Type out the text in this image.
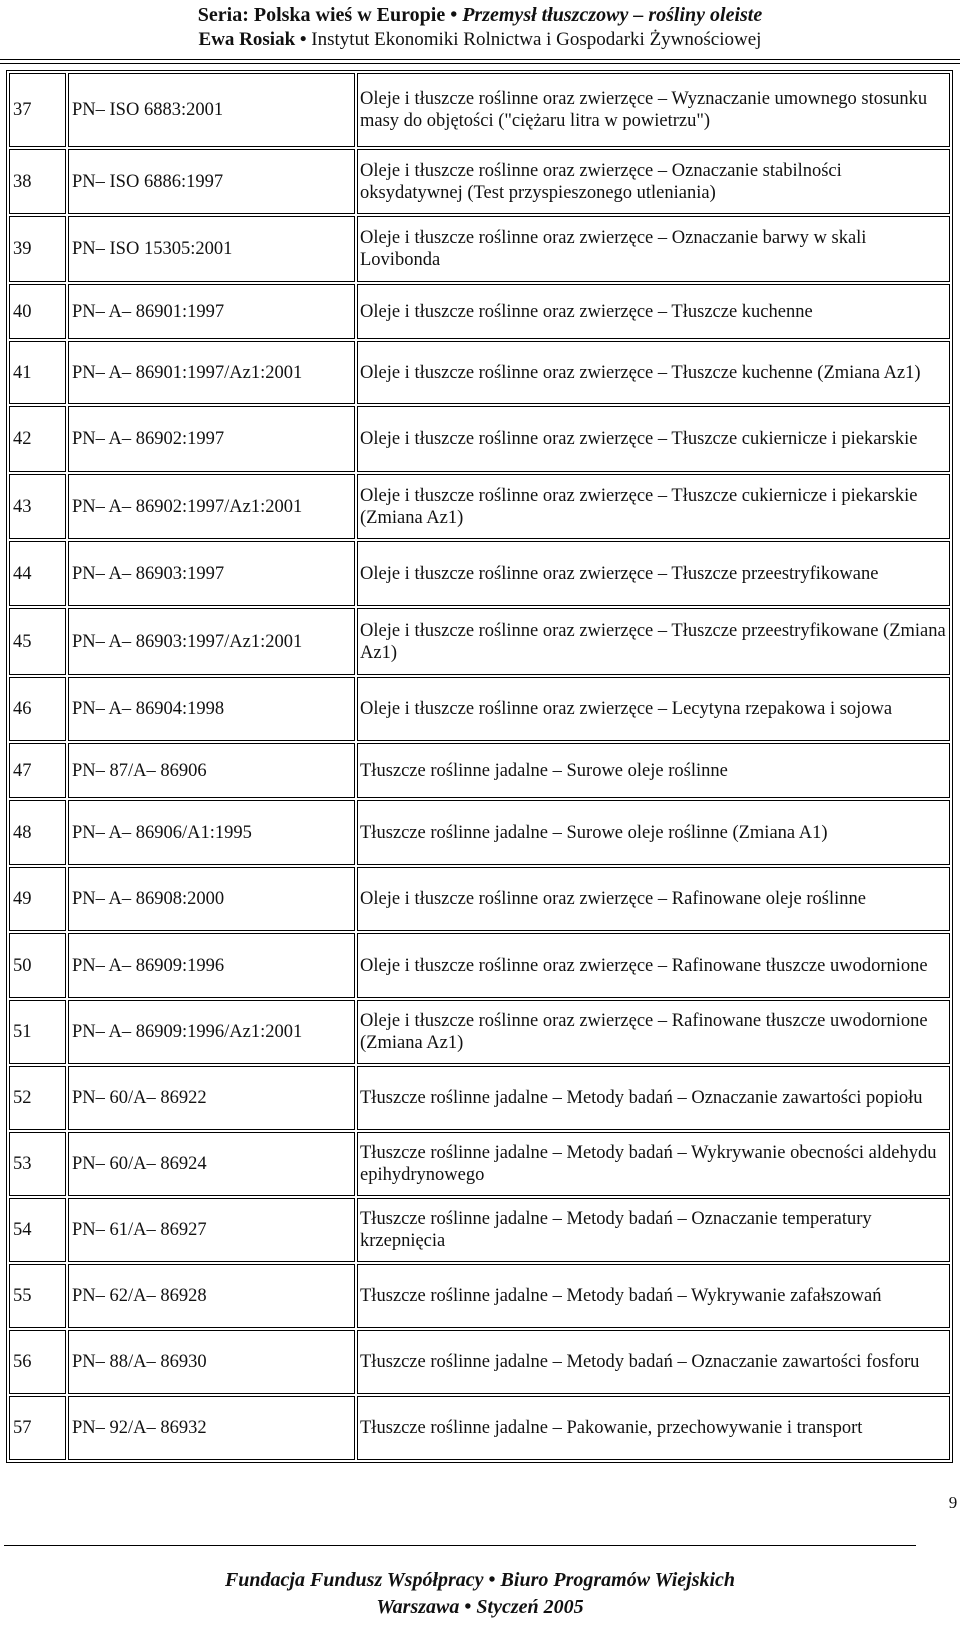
Seria: Polska wieś w Europie • Przemysł tłuszczowy – rośliny oleiste
Ewa Rosiak • Instytut Ekonomiki Rolnictwa i Gospodarki Żywnościowej
37	PN– ISO 6883:2001	Oleje i tłuszcze roślinne oraz zwierzęce – Wyznaczanie umownego stosunku masy do objętości ("ciężaru litra w powietrzu")
38	PN– ISO 6886:1997	Oleje i tłuszcze roślinne oraz zwierzęce – Oznaczanie stabilności oksydatywnej (Test przyspieszonego utleniania)
39	PN– ISO 15305:2001	Oleje i tłuszcze roślinne oraz zwierzęce – Oznaczanie barwy w skali Lovibonda
40	PN– A– 86901:1997	Oleje i tłuszcze roślinne oraz zwierzęce – Tłuszcze kuchenne
41	PN– A– 86901:1997/Az1:2001	Oleje i tłuszcze roślinne oraz zwierzęce – Tłuszcze kuchenne (Zmiana Az1)
42	PN– A– 86902:1997	Oleje i tłuszcze roślinne oraz zwierzęce – Tłuszcze cukiernicze i piekarskie
43	PN– A– 86902:1997/Az1:2001	Oleje i tłuszcze roślinne oraz zwierzęce – Tłuszcze cukiernicze i piekarskie (Zmiana Az1)
44	PN– A– 86903:1997	Oleje i tłuszcze roślinne oraz zwierzęce – Tłuszcze przeestryfikowane
45	PN– A– 86903:1997/Az1:2001	Oleje i tłuszcze roślinne oraz zwierzęce – Tłuszcze przeestryfikowane (Zmiana Az1)
46	PN– A– 86904:1998	Oleje i tłuszcze roślinne oraz zwierzęce – Lecytyna rzepakowa i sojowa
47	PN– 87/A– 86906	Tłuszcze roślinne jadalne – Surowe oleje roślinne
48	PN– A– 86906/A1:1995	Tłuszcze roślinne jadalne – Surowe oleje roślinne (Zmiana A1)
49	PN– A– 86908:2000	Oleje i tłuszcze roślinne oraz zwierzęce – Rafinowane oleje roślinne
50	PN– A– 86909:1996	Oleje i tłuszcze roślinne oraz zwierzęce – Rafinowane tłuszcze uwodornione
51	PN– A– 86909:1996/Az1:2001	Oleje i tłuszcze roślinne oraz zwierzęce – Rafinowane tłuszcze uwodornione (Zmiana Az1)
52	PN– 60/A– 86922	Tłuszcze roślinne jadalne – Metody badań – Oznaczanie zawartości popiołu
53	PN– 60/A– 86924	Tłuszcze roślinne jadalne – Metody badań – Wykrywanie obecności aldehydu epihydrynowego
54	PN– 61/A– 86927	Tłuszcze roślinne jadalne – Metody badań – Oznaczanie temperatury krzepnięcia
55	PN– 62/A– 86928	Tłuszcze roślinne jadalne – Metody badań – Wykrywanie zafałszowań
56	PN– 88/A– 86930	Tłuszcze roślinne jadalne – Metody badań – Oznaczanie zawartości fosforu
57	PN– 92/A– 86932	Tłuszcze roślinne jadalne – Pakowanie, przechowywanie i transport
9
Fundacja Fundusz Współpracy • Biuro Programów Wiejskich
Warszawa • Styczeń 2005
